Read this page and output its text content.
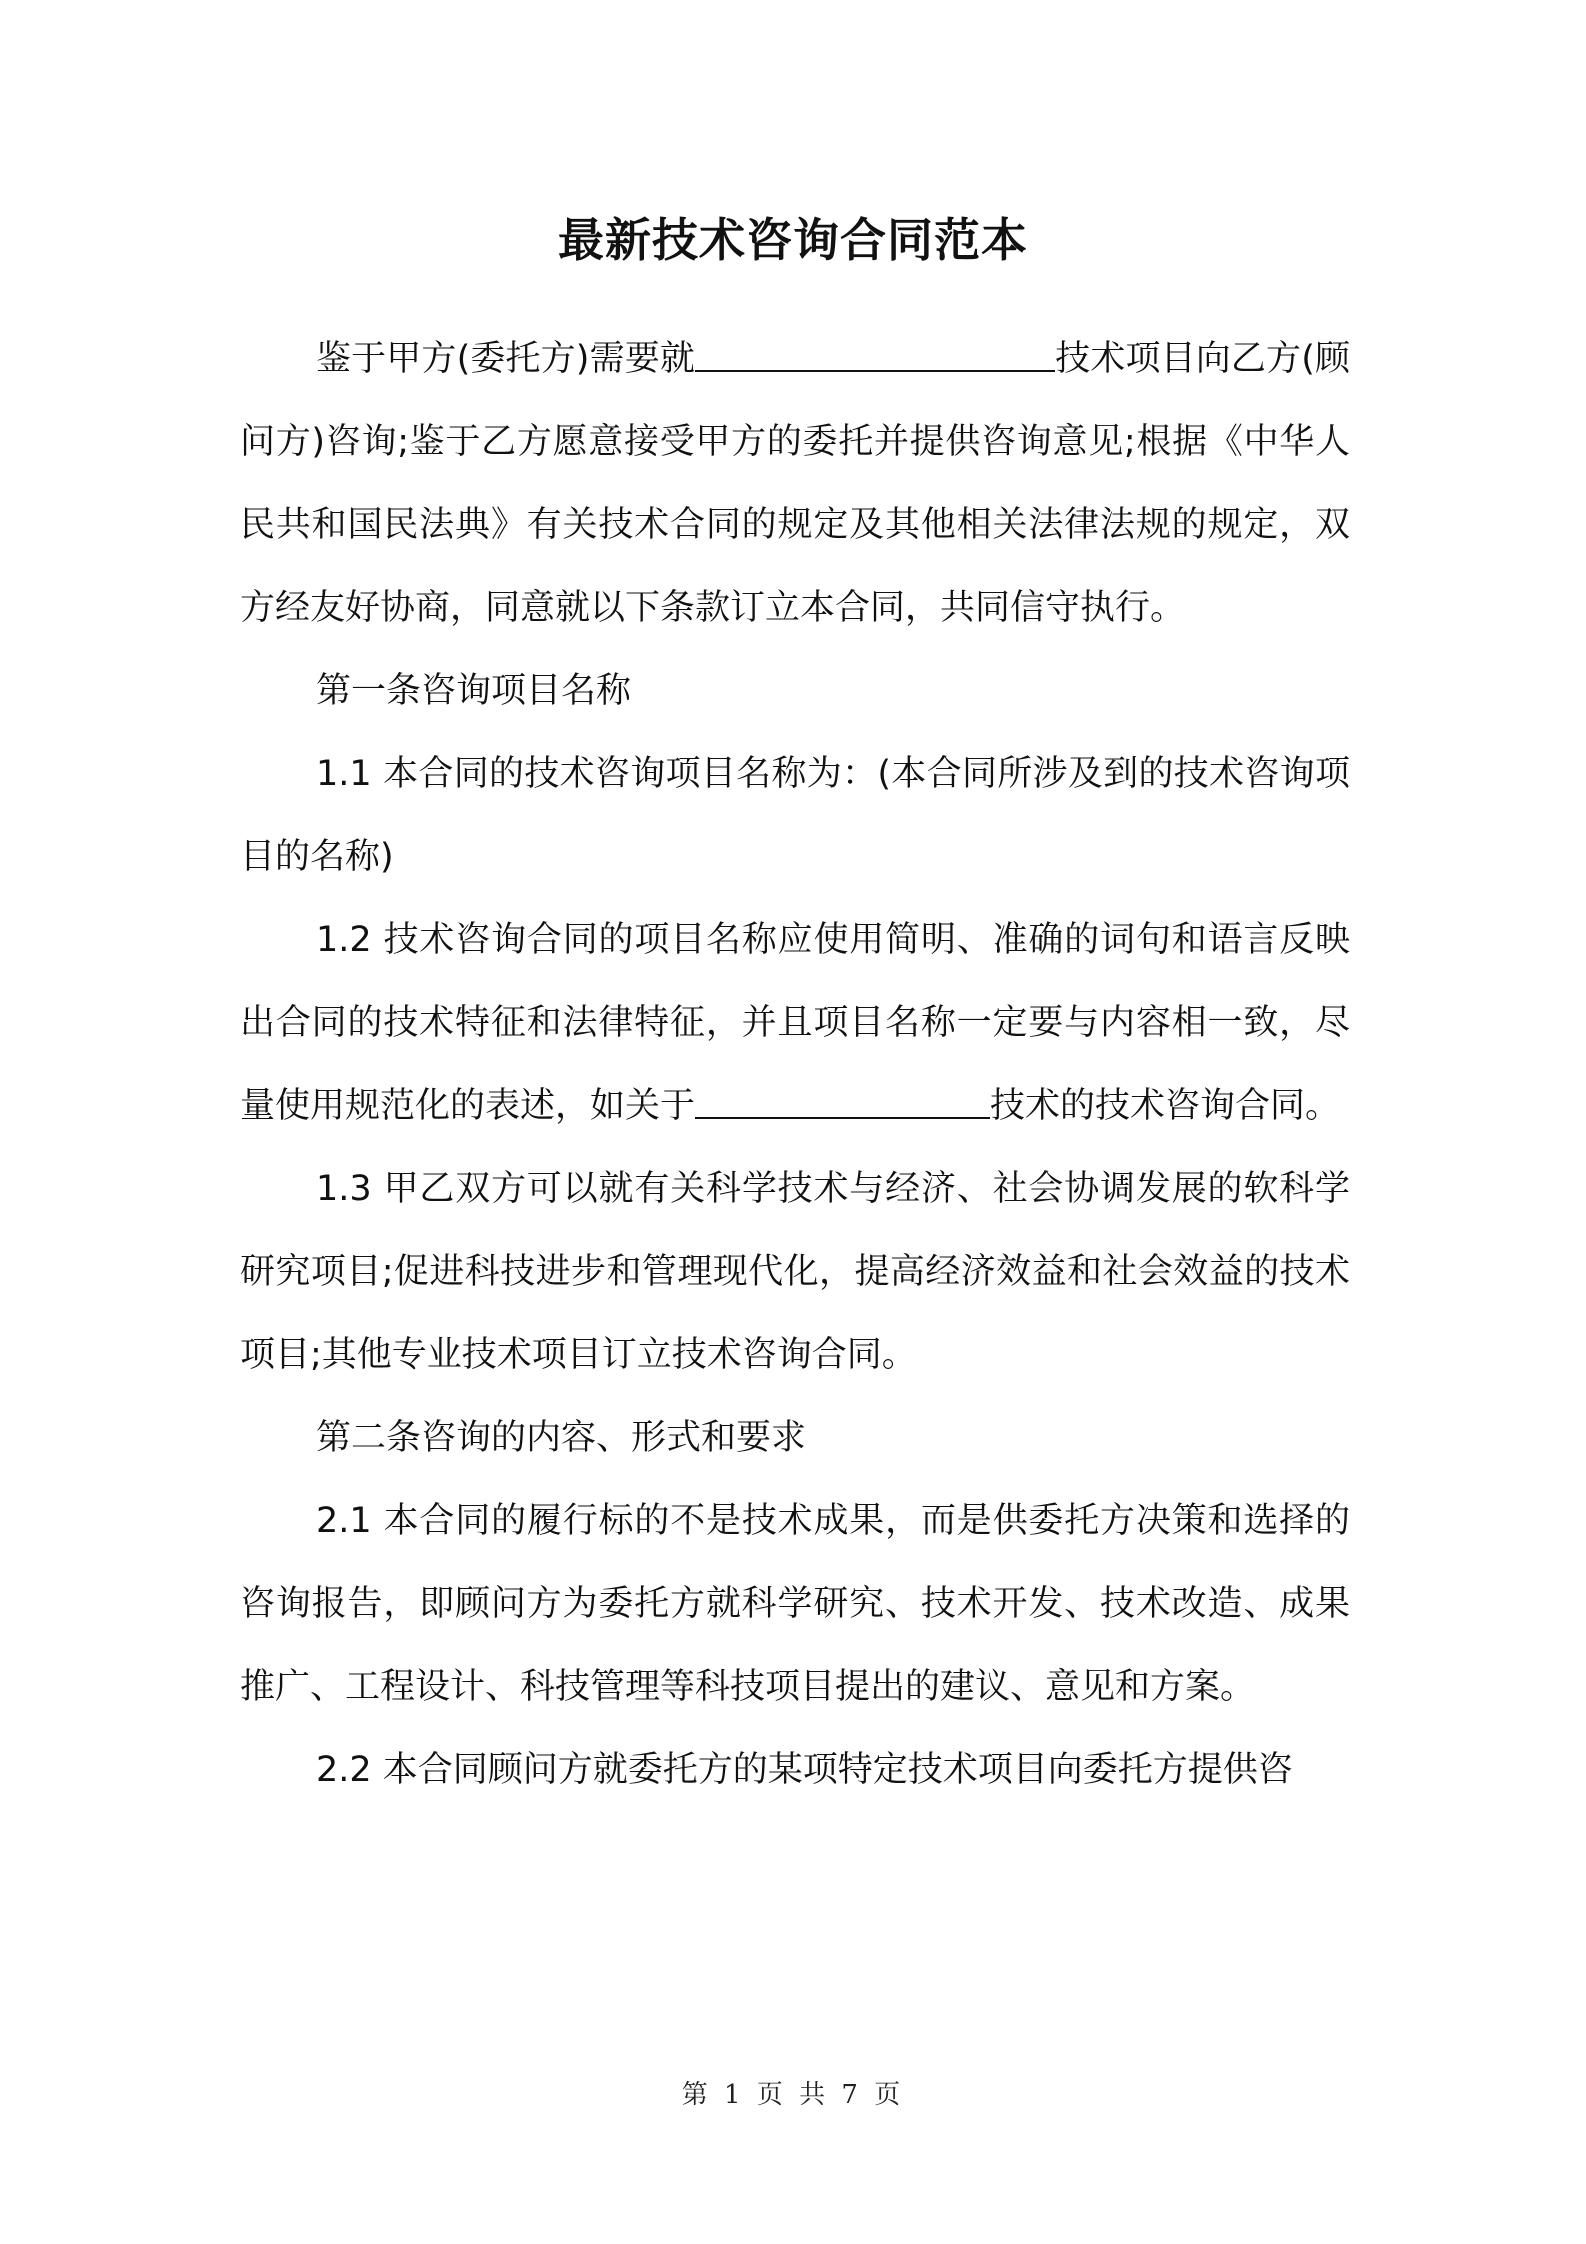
最新技术咨询合同范本

鉴于甲方(委托方)需要就	技术项目向乙方(顾问方)咨询;鉴于乙方愿意接受甲方的委托并提供咨询意见;根据《中华人民共和国民法典》有关技术合同的规定及其他相关法律法规的规定，双方经友好协商，同意就以下条款订立本合同，共同信守执行。

第一条咨询项目名称

1.1 本合同的技术咨询项目名称为：(本合同所涉及到的技术咨询项目的名称)

1.2 技术咨询合同的项目名称应使用简明、准确的词句和语言反映出合同的技术特征和法律特征，并且项目名称一定要与内容相一致，尽量使用规范化的表述，如关于	技术的技术咨询合同。

1.3 甲乙双方可以就有关科学技术与经济、社会协调发展的软科学研究项目;促进科技进步和管理现代化，提高经济效益和社会效益的技术项目;其他专业技术项目订立技术咨询合同。

第二条咨询的内容、形式和要求

2.1 本合同的履行标的不是技术成果，而是供委托方决策和选择的咨询报告，即顾问方为委托方就科学研究、技术开发、技术改造、成果推广、工程设计、科技管理等科技项目提出的建议、意见和方案。

2.2 本合同顾问方就委托方的某项特定技术项目向委托方提供咨

第 1 页 共 7 页
